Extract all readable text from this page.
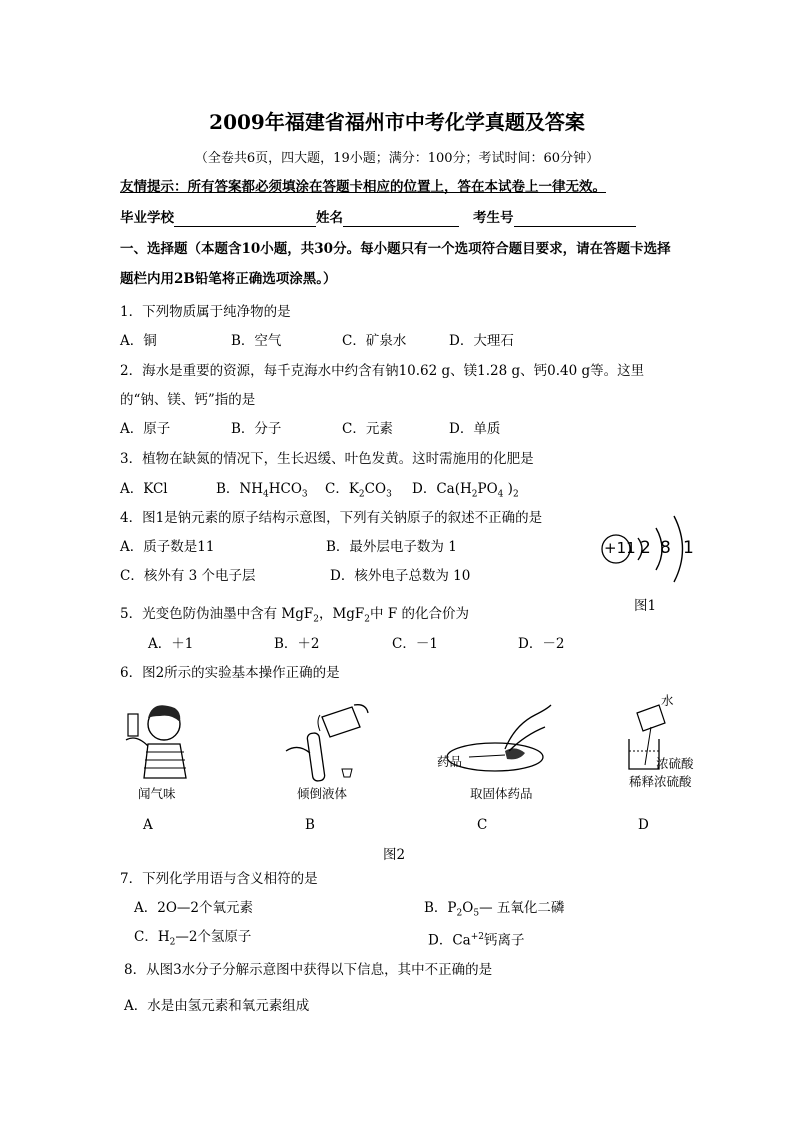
2009年福建省福州市中考化学真题及答案
（全卷共6页，四大题，19小题；满分：100分；考试时间：60分钟）
友情提示：所有答案都必须填涂在答题卡相应的位置上，答在本试卷上一律无效。
毕业学校	姓名	考生号
一、选择题（本题含10小题，共30分。每小题只有一个选项符合题目要求，请在答题卡选择
题栏内用2B铅笔将正确选项涂黑。）
1．下列物质属于纯净物的是
A．铜	B．空气	C．矿泉水	D．大理石
2．海水是重要的资源，每千克海水中约含有钠10.62 g、镁1.28 g、钙0.40 g等。这里
的“钠、镁、钙”指的是
A．原子	B．分子	C．元素	D．单质
3．植物在缺氮的情况下，生长迟缓、叶色发黄。这时需施用的化肥是
A．KCl	B．$NH_4HCO_3$ C．$K_2CO_3$ D．$Ca(H_2PO_4$ )$_2$
4．图1是钠元素的原子结构示意图，下列有关钠原子的叙述不正确的是
A．质子数是11	B．最外层电子数为 1
C．核外有 3 个电子层	D．核外电子总数为 10
+11 2 8 1
图1
5．光变色防伪油墨中含有 MgF$_2$，MgF$_2$中 F 的化合价为
A．＋1	B．＋2	C．－1	D．－2
6．图2所示的实验基本操作正确的是
闻气味	倾倒液体
药品
取固体药品
水
浓硫酸
稀释浓硫酸
A	B	C	D
图2
7．下列化学用语与含义相符的是
A．2O—2个氧元素	B．$P_2O_5—$ 五氧化二磷
C．$H_2—2$个氢原子	D．$Ca^{+2}$钙离子
8．从图3水分子分解示意图中获得以下信息，其中不正确的是
A．水是由氢元素和氧元素组成
